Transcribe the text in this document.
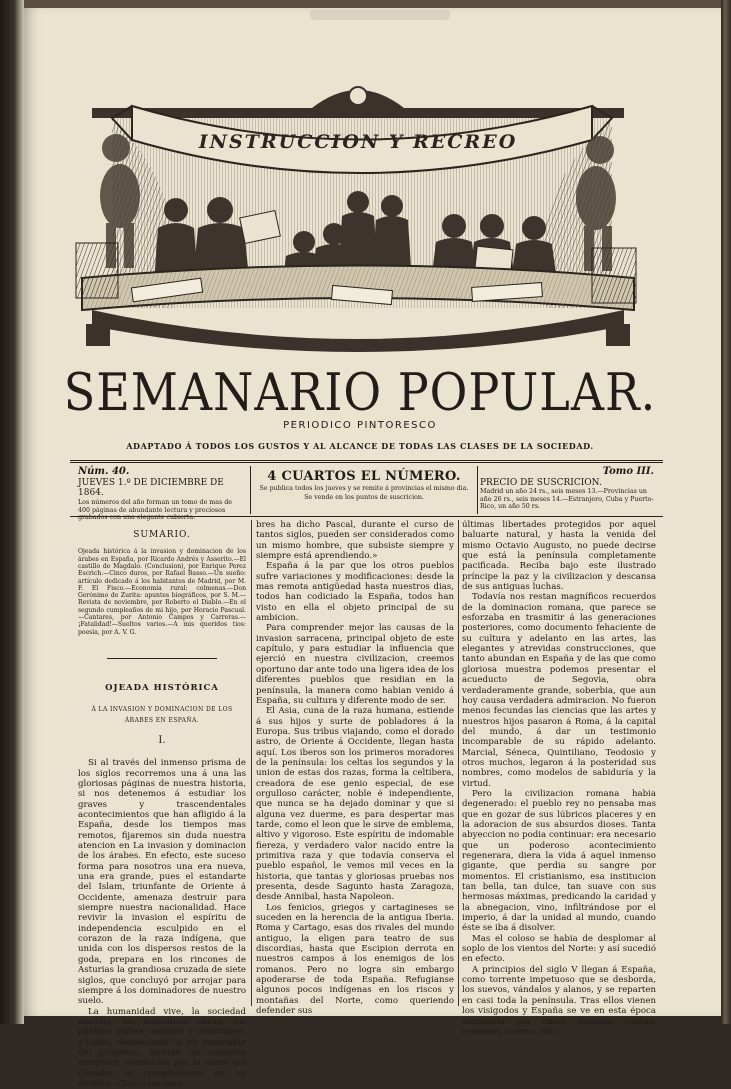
INSTRUCCION Y RECREO
SEMANARIO POPULAR.
PERIODICO PINTORESCO
ADAPTADO Á TODOS LOS GUSTOS Y AL ALCANCE DE TODAS LAS CLASES DE LA SOCIEDAD.
Núm. 40.
JUEVES 1.º DE DICIEMBRE DE 1864.
Los números del año forman un tomo de mas de 400 páginas de abundante lectura y preciosos grabados con una elegante cubierta.
4 CUARTOS EL NÚMERO.
Se publica todos los jueves y se remite á provincias el mismo dia.
Se vende en los puntos de suscricion.
Tomo III.
PRECIO DE SUSCRICION.
Madrid un año 24 rs., seis meses 13.—Provincias un año 26 rs., seis meses 14.—Estranjero, Cuba y Puerto-Rico, un año 50 rs.
SUMARIO.
Ojeada histórica á la invasion y dominacion de los árabes en España, por Ricardo Andrés y Asserito.—El castillo de Magdalo. (Conclusion), por Enrique Perez Escrich.—Cinco duros, por Rafael Basso.—Un sueño: artículo dedicado á los habitantes de Madrid, por M. F. El Fisco.—Economía rural: colmenas.—Don Gerónimo de Zurita: apuntes biográficos, por S. M.—Revista de noviembre, por Roberto el Diablo.—En el segundo cumpleaños de mi hijo, por Horacio Pascual.—Cantares, por Antonio Campos y Carreras.—¡Fatalidad!—Sueltos varios.—A mis queridos tios: poesía, por A. V. G.
OJEADA HISTÓRICA
Á LA INVASION Y DOMINACION DE LOS ÁRABES EN ESPAÑA.
I.

Si al través del inmenso prisma de los siglos recorremos una á una las gloriosas páginas de nuestra historia, si nos detenemos á estudiar los graves y trascendentales acontecimientos que han afligido á la España, desde los tiempos mas remotos, fijaremos sin duda nuestra atencion en La invasion y dominacion de los árabes. En efecto, este suceso forma para nosotros una era nueva, una era grande, pues el estandarte del Islam, triunfante de Oriente á Occidente, amenaza destruir para siempre nuestra nacionalidad. Hace revivir la invasion el espíritu de independencia esculpido en el corazon de la raza indígena, que unida con los dispersos restos de la goda, prepara en los rincones de Asturias la grandiosa cruzada de siete siglos, que concluyó por arrojar para siempre á los dominadores de nuestro suelo.

La humanidad vive, la sociedad marcha, los individuos obran, los pueblos sufren cambios y vicisitudes, y todos, obedeciendo la ley inmutable del progreso, forman un conjunto armónico, conducido por la mano del Creador al cumplimiento de su destino. «Todos los hom-

bres ha dicho Pascal, durante el curso de tantos siglos, pueden ser considerados como un mismo hombre, que subsiste siempre y siempre está aprendiendo.»

España á la par que los otros pueblos sufre variaciones y modificaciones: desde la mas remota antigüedad hasta nuestros dias, todos han codiciado la España, todos han visto en ella el objeto principal de su ambicion.

Para comprender mejor las causas de la invasion sarracena, principal objeto de este capítulo, y para estudiar la influencia que ejerció en nuestra civilizacion, creemos oportuno dar ante todo una ligera idea de los diferentes pueblos que residian en la península, la manera como habian venido á España, su cultura y diferente modo de ser.

El Asia, cuna de la raza humana, estiende á sus hijos y surte de pobladores á la Europa. Sus tribus viajando, como el dorado astro, de Oriente á Occidente, llegan hasta aquí. Los iberos son los primeros moradores de la península: los celtas los segundos y la union de estas dos razas, forma la celtibera, creadora de ese genio especial, de ese orgulloso carácter, noble é independiente, que nunca se ha dejado dominar y que si alguna vez duerme, es para despertar mas tarde, como el leon que le sirve de emblema, altivo y vigoroso. Este espíritu de indomable fiereza, y verdadero valor nacido entre la primitiva raza y que todavía conserva el pueblo español, le vemos mil veces en la historia, que tantas y gloriosas pruebas nos presenta, desde Sagunto hasta Zaragoza, desde Annibal, hasta Napoleon.

Los fenicios, griegos y cartagineses se suceden en la herencia de la antigua Iberia. Roma y Cartago, esas dos rivales del mundo antiguo, la eligen para teatro de sus discordias, hasta que Escipion derrota en nuestros campos á los enemigos de los romanos. Pero no logra sin embargo apoderarse de toda España. Refugianse algunos pocos indígenas en los riscos y montañas del Norte, como queriendo defender sus

últimas libertades protegidos por aquel baluarte natural, y hasta la venida del mismo Octavio Augusto, no puede decirse que está la península completamente pacificada. Reciba bajo este ilustrado príncipe la paz y la civilizacion y descansa de sus antiguas luchas.

Todavía nos restan magníficos recuerdos de la dominacion romana, que parece se esforzaba en trasmitir á las generaciones posteriores, como documento fehaciente de su cultura y adelanto en las artes, las elegantes y atrevidas construcciones, que tanto abundan en España y de las que como gloriosa muestra podemos presentar el acueducto de Segovia, obra verdaderamente grande, soberbia, que aun hoy causa verdadera admiracion. No fueron menos fecundas las ciencias que las artes y nuestros hijos pasaron á Roma, á la capital del mundo, á dar un testimonio incomparable de su rápido adelanto. Marcial, Séneca, Quintiliano, Teodosio y otros muchos, legaron á la posteridad sus nombres, como modelos de sabiduría y la virtud.

Pero la civilizacion romana habia degenerado: el pueblo rey no pensaba mas que en gozar de sus lúbricos placeres y en la adoracion de sus absurdos dioses. Tanta abyeccion no podia continuar: era necesario que un poderoso acontecimiento regenerara, diera la vida á aquel inmenso gigante, que perdia su sangre por momentos. El cristianismo, esa institucion tan bella, tan dulce, tan suave con sus hermosas máximas, predicando la caridad y la abnegacion, vino, infiltrándose por el imperio, á dar la unidad al mundo, cuando éste se iba á disolver.

Mas el coloso se habia de desplomar al soplo de los vientos del Norte: y así sucedió en efecto.

A principios del siglo V llegan á España, como torrente impetuoso que se desborda, los suevos, vándalos y alanos, y se reparten en casi toda la península. Tras ellos vienen los visigodos y España se ve en esta época dominada por cinco distintas castas; romanos, suevos, ván-
